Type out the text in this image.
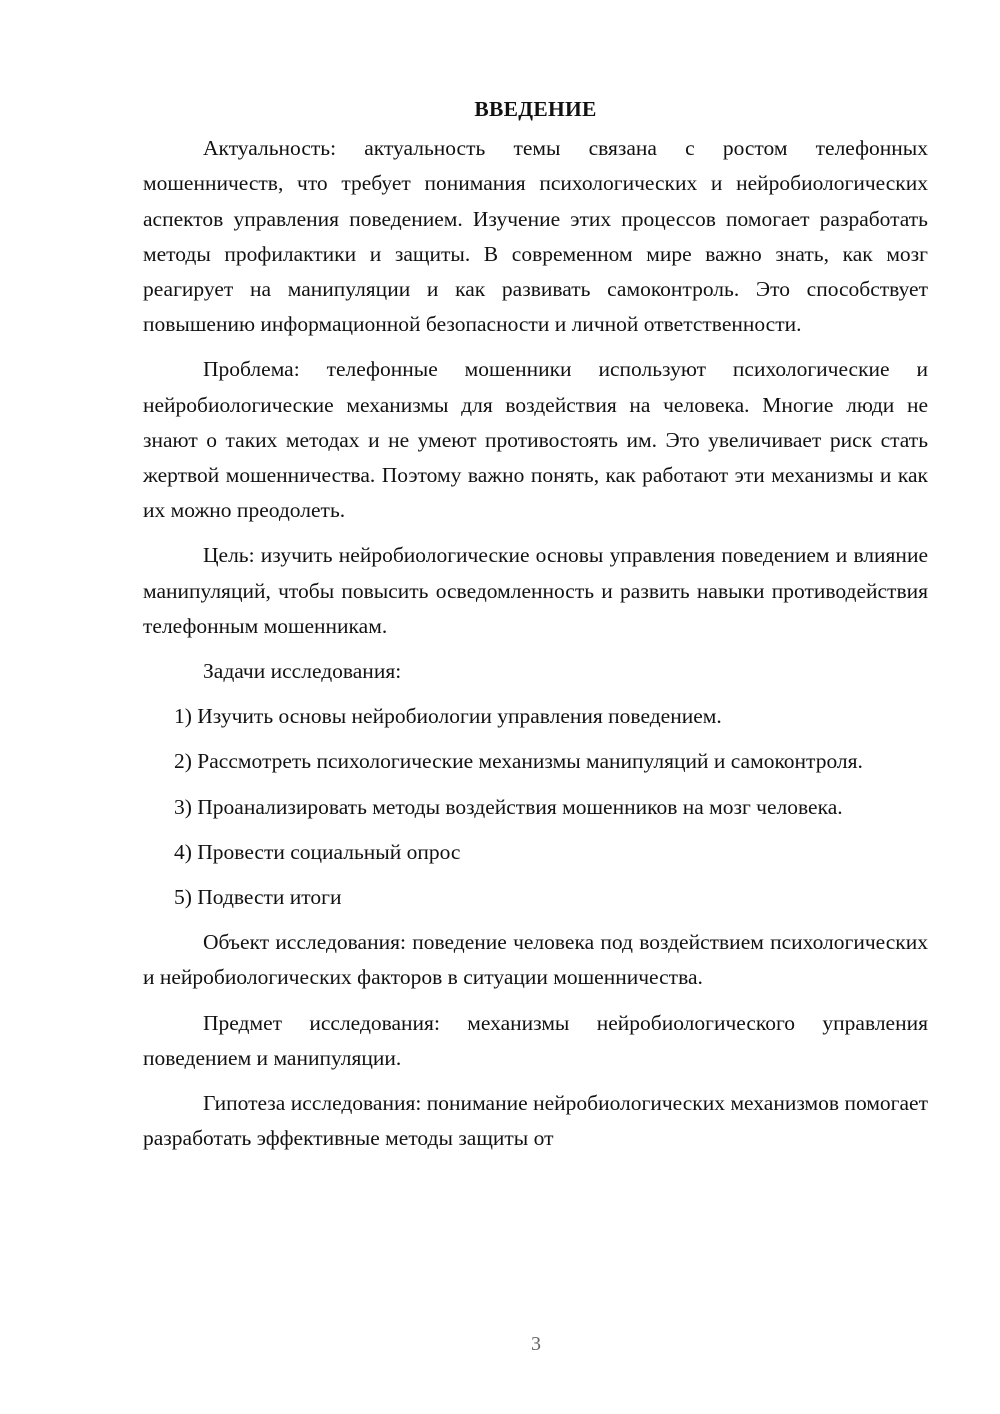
ВВЕДЕНИЕ

Актуальность: актуальность темы связана с ростом телефонных мошенничеств, что требует понимания психологических и нейробиологических аспектов управления поведением. Изучение этих процессов помогает разработать методы профилактики и защиты. В современном мире важно знать, как мозг реагирует на манипуляции и как развивать самоконтроль. Это способствует повышению информационной безопасности и личной ответственности.

Проблема: телефонные мошенники используют психологические и нейробиологические механизмы для воздействия на человека. Многие люди не знают о таких методах и не умеют противостоять им. Это увеличивает риск стать жертвой мошенничества. Поэтому важно понять, как работают эти механизмы и как их можно преодолеть.

Цель: изучить нейробиологические основы управления поведением и влияние манипуляций, чтобы повысить осведомленность и развить навыки противодействия телефонным мошенникам.

Задачи исследования:

1) Изучить основы нейробиологии управления поведением.

2) Рассмотреть психологические механизмы манипуляций и самоконтроля.

3) Проанализировать методы воздействия мошенников на мозг человека.

4) Провести социальный опрос

5) Подвести итоги

Объект исследования: поведение человека под воздействием психологических и нейробиологических факторов в ситуации мошенничества.

Предмет исследования: механизмы нейробиологического управления поведением и манипуляции.

Гипотеза исследования: понимание нейробиологических механизмов помогает разработать эффективные методы защиты от

3
